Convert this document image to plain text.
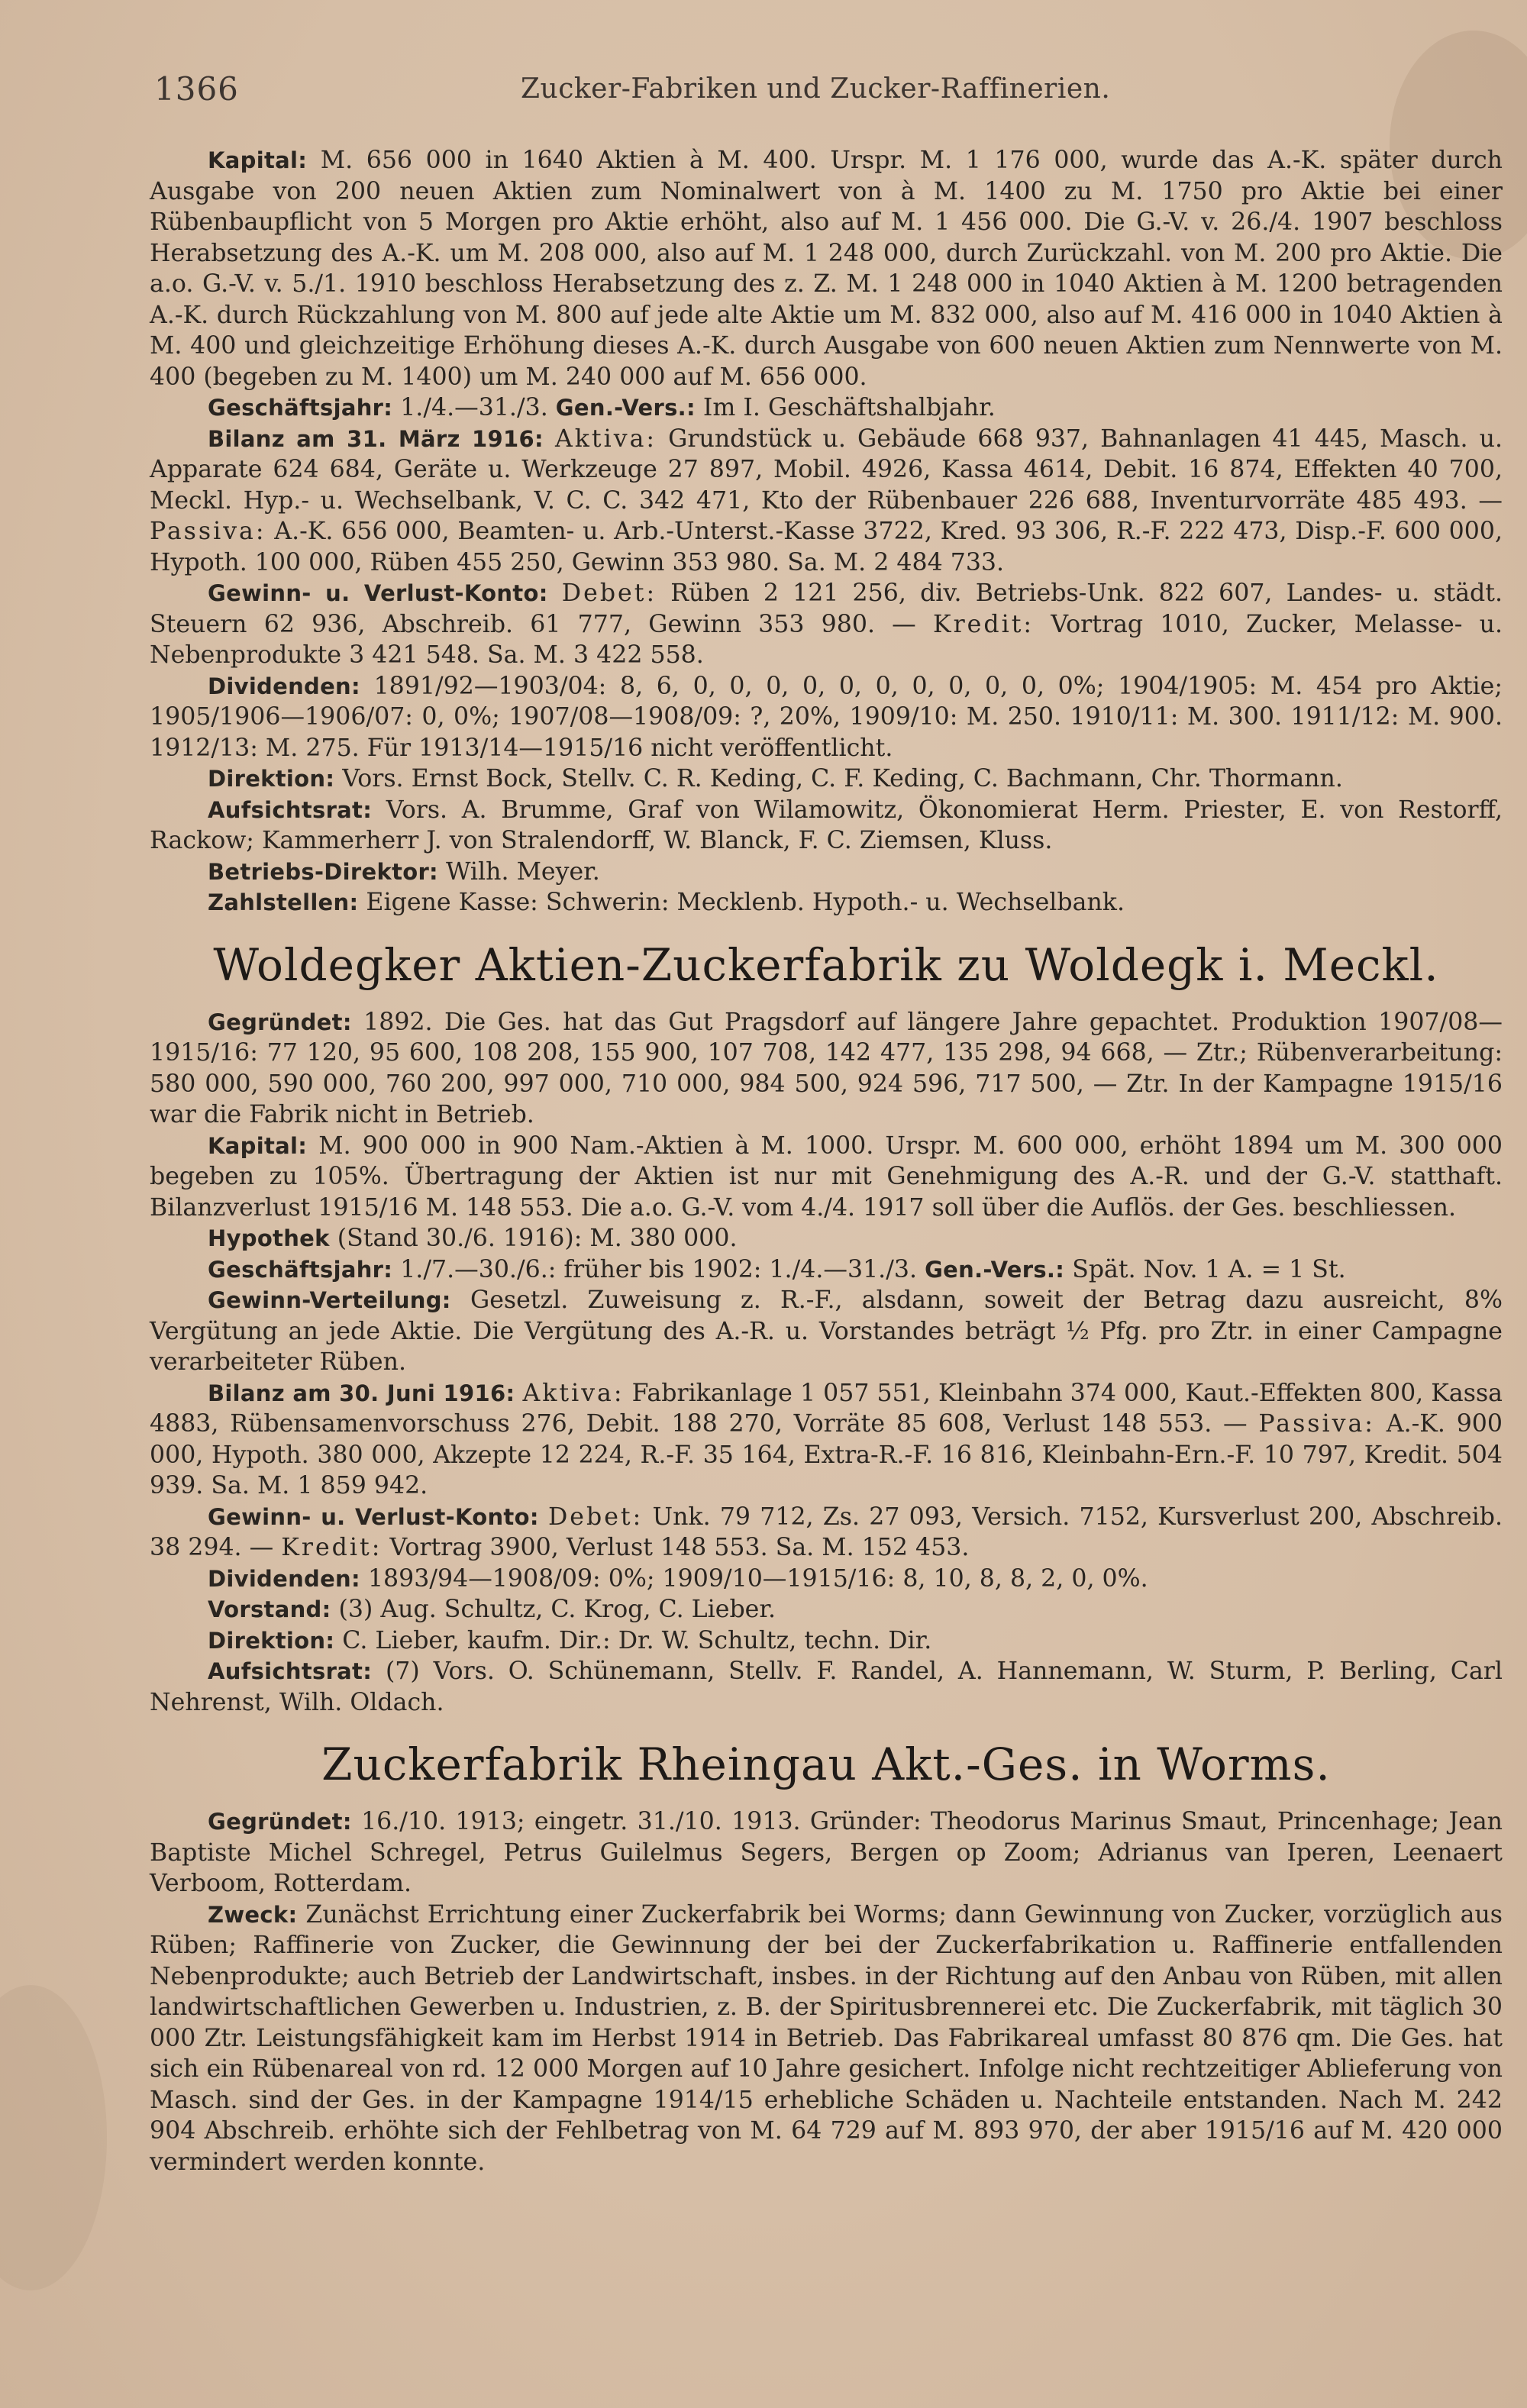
1366	Zucker-Fabriken und Zucker-Raffinerien.

Kapital: M. 656 000 in 1640 Aktien à M. 400. Urspr. M. 1 176 000, wurde das A.-K. später durch Ausgabe von 200 neuen Aktien zum Nominalwert von à M. 1400 zu M. 1750 pro Aktie bei einer Rübenbaupflicht von 5 Morgen pro Aktie erhöht, also auf M. 1 456 000. Die G.-V. v. 26./4. 1907 beschloss Herabsetzung des A.-K. um M. 208 000, also auf M. 1 248 000, durch Zurückzahl. von M. 200 pro Aktie. Die a.o. G.-V. v. 5./1. 1910 beschloss Herabsetzung des z. Z. M. 1 248 000 in 1040 Aktien à M. 1200 betragenden A.-K. durch Rückzahlung von M. 800 auf jede alte Aktie um M. 832 000, also auf M. 416 000 in 1040 Aktien à M. 400 und gleichzeitige Erhöhung dieses A.-K. durch Ausgabe von 600 neuen Aktien zum Nennwerte von M. 400 (begeben zu M. 1400) um M. 240 000 auf M. 656 000.

Geschäftsjahr: 1./4.—31./3. Gen.-Vers.: Im I. Geschäftshalbjahr.

Bilanz am 31. März 1916: Aktiva: Grundstück u. Gebäude 668 937, Bahnanlagen 41 445, Masch. u. Apparate 624 684, Geräte u. Werkzeuge 27 897, Mobil. 4926, Kassa 4614, Debit. 16 874, Effekten 40 700, Meckl. Hyp.- u. Wechselbank, V. C. C. 342 471, Kto der Rübenbauer 226 688, Inventurvorräte 485 493. — Passiva: A.-K. 656 000, Beamten- u. Arb.-Unterst.-Kasse 3722, Kred. 93 306, R.-F. 222 473, Disp.-F. 600 000, Hypoth. 100 000, Rüben 455 250, Gewinn 353 980. Sa. M. 2 484 733.

Gewinn- u. Verlust-Konto: Debet: Rüben 2 121 256, div. Betriebs-Unk. 822 607, Landes- u. städt. Steuern 62 936, Abschreib. 61 777, Gewinn 353 980. — Kredit: Vortrag 1010, Zucker, Melasse- u. Nebenprodukte 3 421 548. Sa. M. 3 422 558.

Dividenden: 1891/92—1903/04: 8, 6, 0, 0, 0, 0, 0, 0, 0, 0, 0, 0, 0%; 1904/1905: M. 454 pro Aktie; 1905/1906—1906/07: 0, 0%; 1907/08—1908/09: ?, 20%, 1909/10: M. 250. 1910/11: M. 300. 1911/12: M. 900. 1912/13: M. 275. Für 1913/14—1915/16 nicht veröffentlicht.

Direktion: Vors. Ernst Bock, Stellv. C. R. Keding, C. F. Keding, C. Bachmann, Chr. Thormann.

Aufsichtsrat: Vors. A. Brumme, Graf von Wilamowitz, Ökonomierat Herm. Priester, E. von Restorff, Rackow; Kammerherr J. von Stralendorff, W. Blanck, F. C. Ziemsen, Kluss.

Betriebs-Direktor: Wilh. Meyer.

Zahlstellen: Eigene Kasse: Schwerin: Mecklenb. Hypoth.- u. Wechselbank.

Woldegker Aktien-Zuckerfabrik zu Woldegk i. Meckl.

Gegründet: 1892. Die Ges. hat das Gut Pragsdorf auf längere Jahre gepachtet. Produktion 1907/08—1915/16: 77 120, 95 600, 108 208, 155 900, 107 708, 142 477, 135 298, 94 668, — Ztr.; Rübenverarbeitung: 580 000, 590 000, 760 200, 997 000, 710 000, 984 500, 924 596, 717 500, — Ztr. In der Kampagne 1915/16 war die Fabrik nicht in Betrieb.

Kapital: M. 900 000 in 900 Nam.-Aktien à M. 1000. Urspr. M. 600 000, erhöht 1894 um M. 300 000 begeben zu 105%. Übertragung der Aktien ist nur mit Genehmigung des A.-R. und der G.-V. statthaft. Bilanzverlust 1915/16 M. 148 553. Die a.o. G.-V. vom 4./4. 1917 soll über die Auflös. der Ges. beschliessen.

Hypothek (Stand 30./6. 1916): M. 380 000.

Geschäftsjahr: 1./7.—30./6.: früher bis 1902: 1./4.—31./3. Gen.-Vers.: Spät. Nov. 1 A. = 1 St.

Gewinn-Verteilung: Gesetzl. Zuweisung z. R.-F., alsdann, soweit der Betrag dazu ausreicht, 8% Vergütung an jede Aktie. Die Vergütung des A.-R. u. Vorstandes beträgt ½ Pfg. pro Ztr. in einer Campagne verarbeiteter Rüben.

Bilanz am 30. Juni 1916: Aktiva: Fabrikanlage 1 057 551, Kleinbahn 374 000, Kaut.-Effekten 800, Kassa 4883, Rübensamenvorschuss 276, Debit. 188 270, Vorräte 85 608, Verlust 148 553. — Passiva: A.-K. 900 000, Hypoth. 380 000, Akzepte 12 224, R.-F. 35 164, Extra-R.-F. 16 816, Kleinbahn-Ern.-F. 10 797, Kredit. 504 939. Sa. M. 1 859 942.

Gewinn- u. Verlust-Konto: Debet: Unk. 79 712, Zs. 27 093, Versich. 7152, Kursverlust 200, Abschreib. 38 294. — Kredit: Vortrag 3900, Verlust 148 553. Sa. M. 152 453.

Dividenden: 1893/94—1908/09: 0%; 1909/10—1915/16: 8, 10, 8, 8, 2, 0, 0%.

Vorstand: (3) Aug. Schultz, C. Krog, C. Lieber.

Direktion: C. Lieber, kaufm. Dir.: Dr. W. Schultz, techn. Dir.

Aufsichtsrat: (7) Vors. O. Schünemann, Stellv. F. Randel, A. Hannemann, W. Sturm, P. Berling, Carl Nehrenst, Wilh. Oldach.

Zuckerfabrik Rheingau Akt.-Ges. in Worms.

Gegründet: 16./10. 1913; eingetr. 31./10. 1913. Gründer: Theodorus Marinus Smaut, Princenhage; Jean Baptiste Michel Schregel, Petrus Guilelmus Segers, Bergen op Zoom; Adrianus van Iperen, Leenaert Verboom, Rotterdam.

Zweck: Zunächst Errichtung einer Zuckerfabrik bei Worms; dann Gewinnung von Zucker, vorzüglich aus Rüben; Raffinerie von Zucker, die Gewinnung der bei der Zuckerfabrikation u. Raffinerie entfallenden Nebenprodukte; auch Betrieb der Landwirtschaft, insbes. in der Richtung auf den Anbau von Rüben, mit allen landwirtschaftlichen Gewerben u. Industrien, z. B. der Spiritusbrennerei etc. Die Zuckerfabrik, mit täglich 30 000 Ztr. Leistungsfähigkeit kam im Herbst 1914 in Betrieb. Das Fabrikareal umfasst 80 876 qm. Die Ges. hat sich ein Rübenareal von rd. 12 000 Morgen auf 10 Jahre gesichert. Infolge nicht rechtzeitiger Ablieferung von Masch. sind der Ges. in der Kampagne 1914/15 erhebliche Schäden u. Nachteile entstanden. Nach M. 242 904 Abschreib. erhöhte sich der Fehlbetrag von M. 64 729 auf M. 893 970, der aber 1915/16 auf M. 420 000 vermindert werden konnte.
